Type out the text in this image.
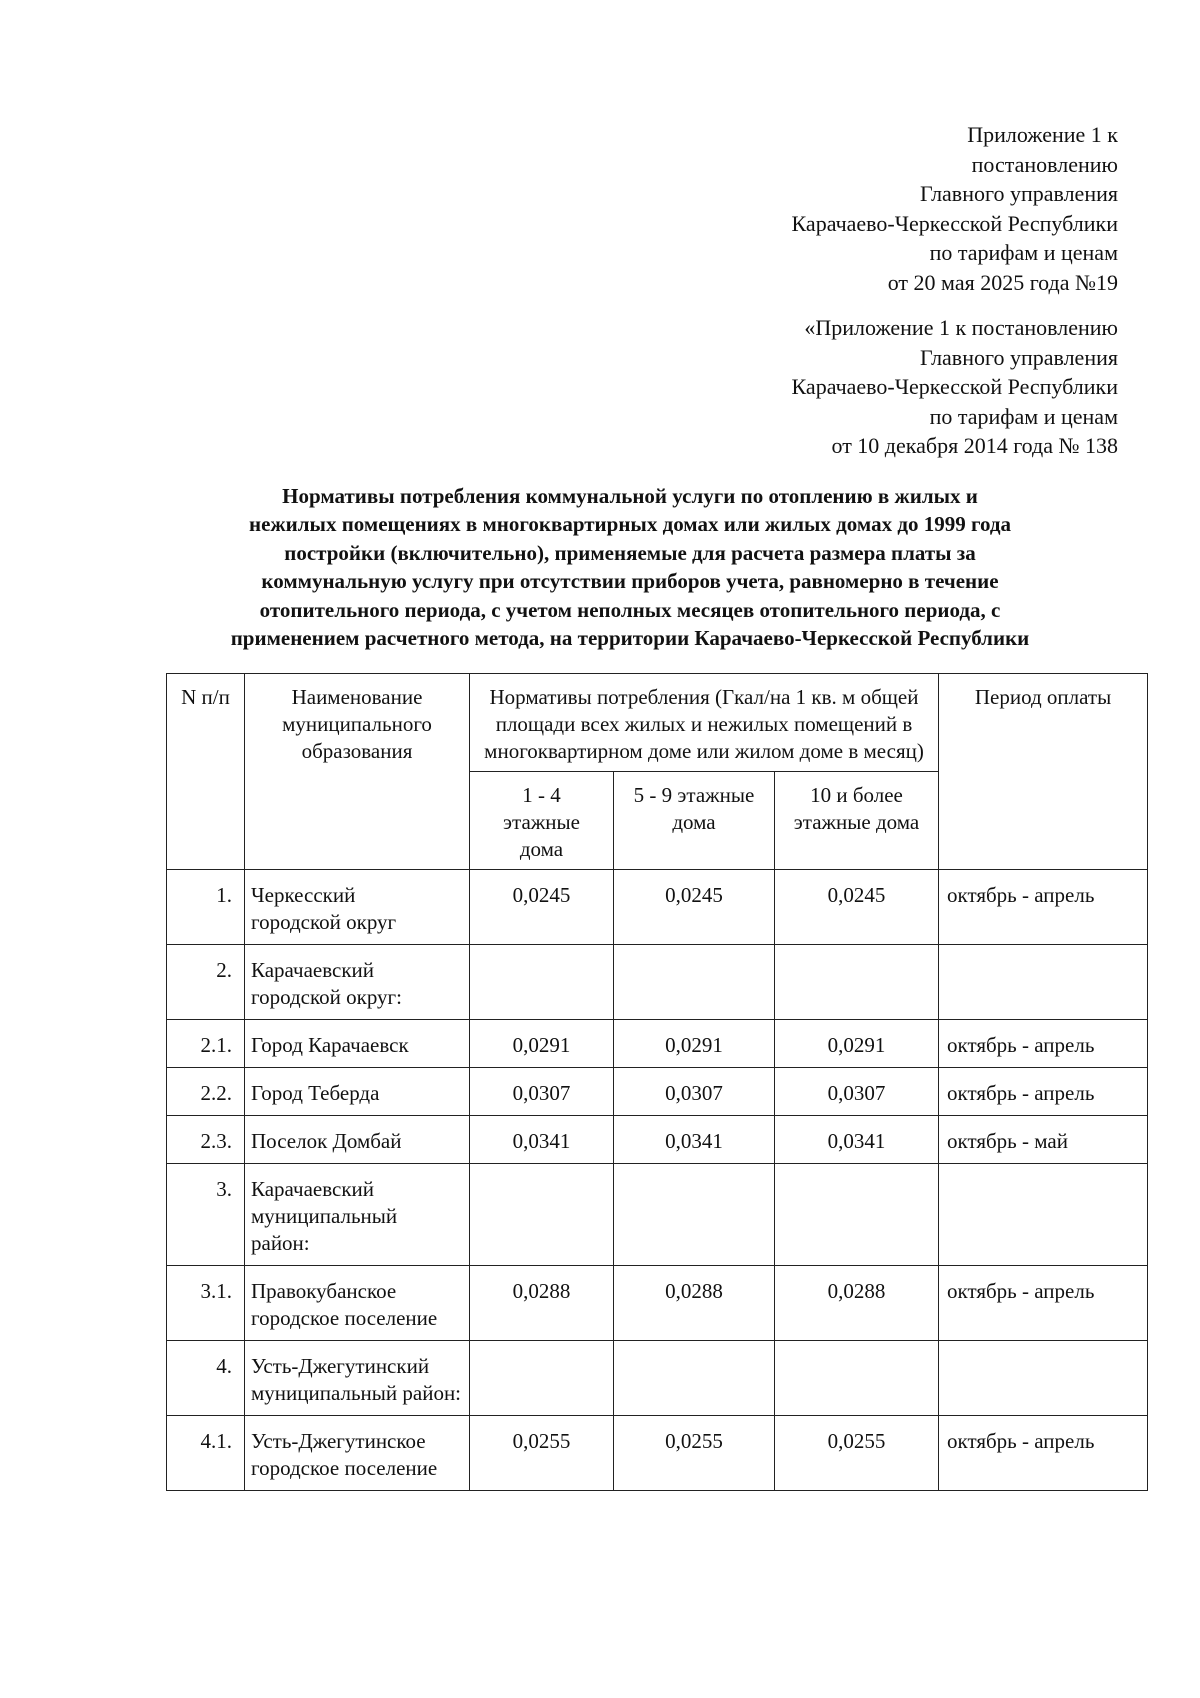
Приложение 1 к
постановлению
Главного управления
Карачаево-Черкесской Республики
по тарифам и ценам
от 20 мая 2025 года №19
«Приложение 1 к постановлению
Главного управления
Карачаево-Черкесской Республики
по тарифам и ценам
от 10 декабря 2014 года № 138
Нормативы потребления коммунальной услуги по отоплению в жилых и
нежилых помещениях в многоквартирных домах или жилых домах до 1999 года
постройки (включительно), применяемые для расчета размера платы за
коммунальную услугу при отсутствии приборов учета, равномерно в течение
отопительного периода, с учетом неполных месяцев отопительного периода, с
применением расчетного метода, на территории Карачаево-Черкесской Республики
N п/п	Наименование муниципального образования	Нормативы потребления (Гкал/на 1 кв. м общей площади всех жилых и нежилых помещений в многоквартирном доме или жилом доме в месяц)			Период оплаты
		1 - 4 этажные дома	5 - 9 этажные дома	10 и более этажные дома	
1.	Черкесский городской округ	0,0245	0,0245	0,0245	октябрь - апрель
2.	Карачаевский городской округ:				
2.1.	Город Карачаевск	0,0291	0,0291	0,0291	октябрь - апрель
2.2.	Город Теберда	0,0307	0,0307	0,0307	октябрь - апрель
2.3.	Поселок Домбай	0,0341	0,0341	0,0341	октябрь - май
3.	Карачаевский муниципальный район:				
3.1.	Правокубанское городское поселение	0,0288	0,0288	0,0288	октябрь - апрель
4.	Усть-Джегутинский муниципальный район:				
4.1.	Усть-Джегутинское городское поселение	0,0255	0,0255	0,0255	октябрь - апрель
